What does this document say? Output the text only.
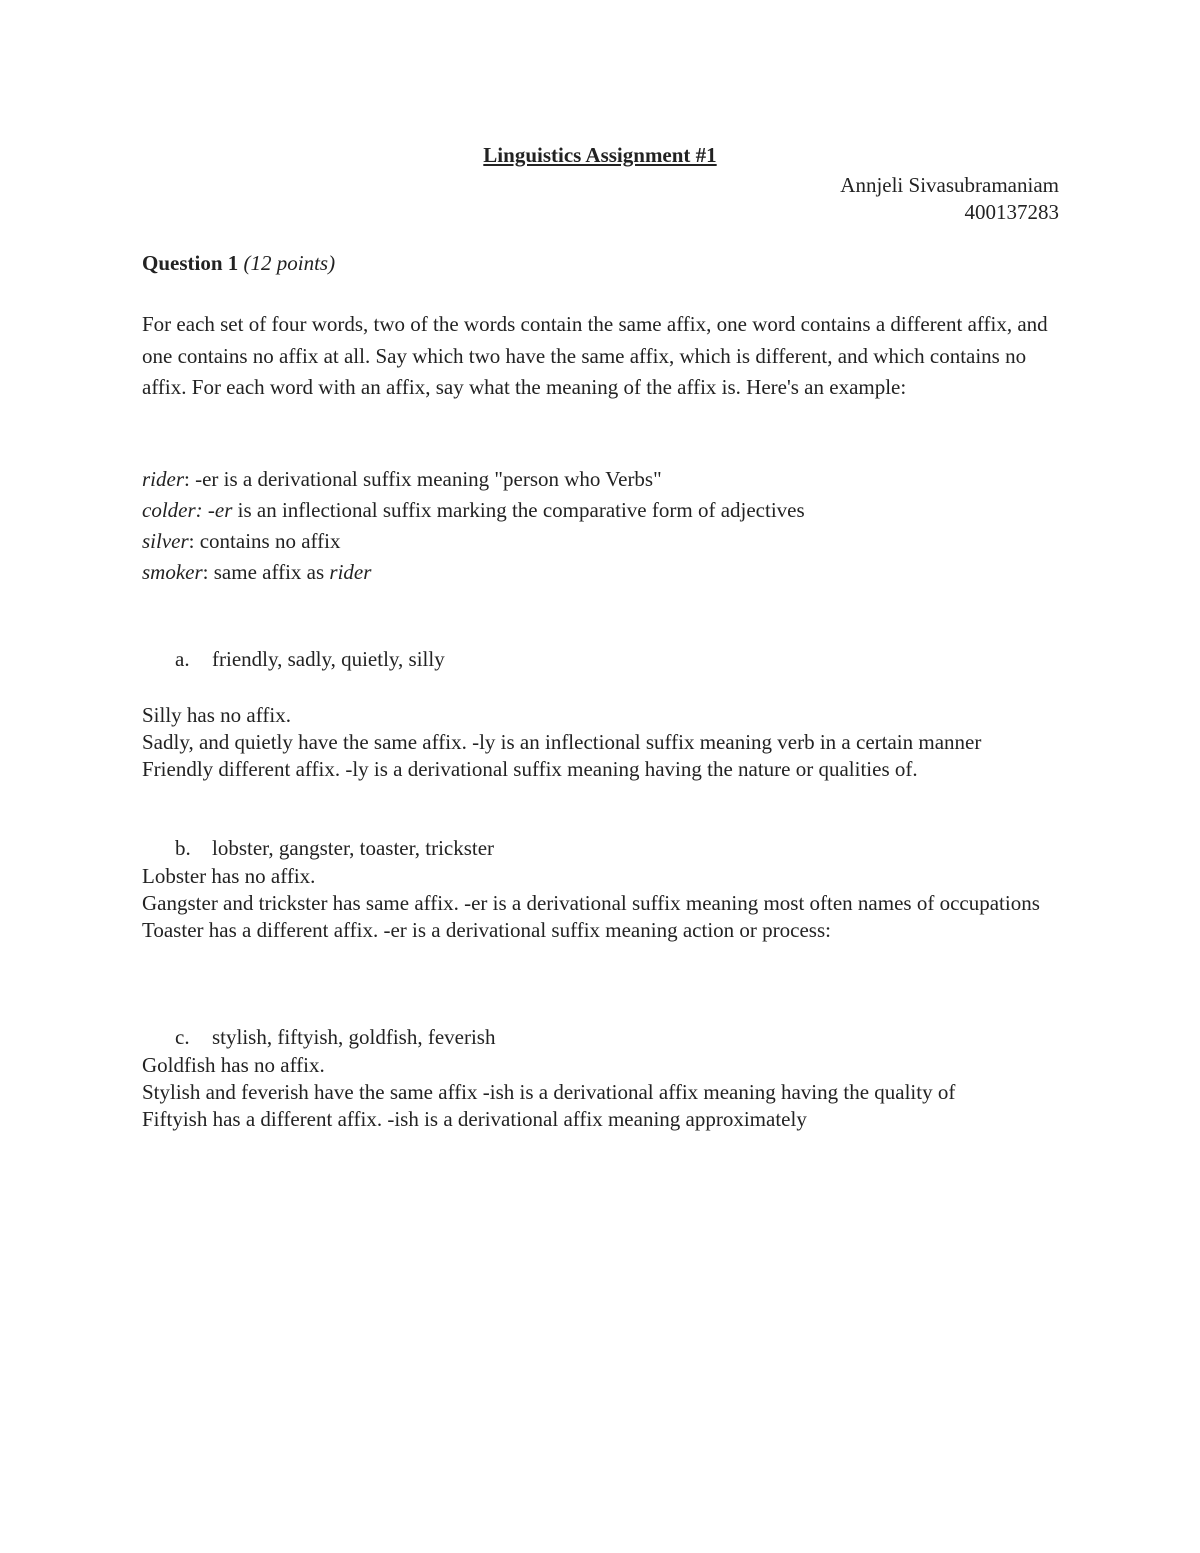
Linguistics Assignment #1
Annjeli Sivasubramaniam
400137283
Question 1 (12 points)
For each set of four words, two of the words contain the same affix, one word contains a different affix, and one contains no affix at all. Say which two have the same affix, which is different, and which contains no affix. For each word with an affix, say what the meaning of the affix is. Here's an example:
rider: -er is a derivational suffix meaning "person who Verbs"
colder: -er is an inflectional suffix marking the comparative form of adjectives
silver: contains no affix
smoker: same affix as rider
a. friendly, sadly, quietly, silly
Silly has no affix.
Sadly, and quietly have the same affix. -ly is an inflectional suffix meaning verb in a certain manner
Friendly different affix. -ly is a derivational suffix meaning having the nature or qualities of.
b. lobster, gangster, toaster, trickster
Lobster has no affix.
Gangster and trickster has same affix. -er is a derivational suffix meaning most often names of occupations
Toaster has a different affix. -er is a derivational suffix meaning action or process:
c. stylish, fiftyish, goldfish, feverish
Goldfish has no affix.
Stylish and feverish have the same affix -ish is a derivational affix meaning having the quality of
Fiftyish has a different affix. -ish is a derivational affix meaning approximately
